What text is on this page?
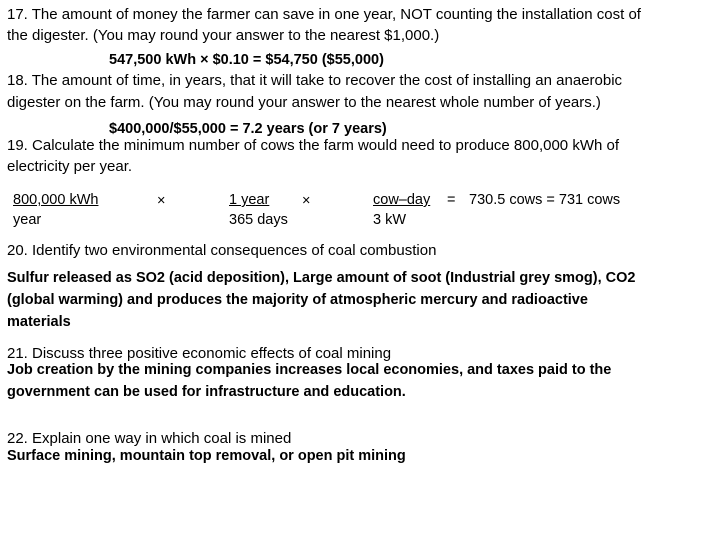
17. The amount of money the farmer can save in one year, NOT counting the installation cost of
the digester. (You may round your answer to the nearest $1,000.)
547,500 kWh × $0.10 = $54,750 ($55,000)
18. The amount of time, in years, that it will take to recover the cost of installing an anaerobic
digester on the farm. (You may round your answer to the nearest whole number of years.)
$400,000/$55,000 = 7.2 years (or 7 years)
19. Calculate the minimum number of cows the farm would need to produce 800,000 kWh of
electricity per year.
800,000 kWh
year
×	1 year
365 days
×	cow–day =
3 kW
730.5 cows = 731 cows
20. Identify two environmental consequences of coal combustion
Sulfur released as SO2 (acid deposition), Large amount of soot (Industrial grey smog), CO2
(global warming) and produces the majority of atmospheric mercury and radioactive
materials
21. Discuss three positive economic effects of coal mining
Job creation by the mining companies increases local economies, and taxes paid to the
government can be used for infrastructure and education.
22. Explain one way in which coal is mined
Surface mining, mountain top removal, or open pit mining
